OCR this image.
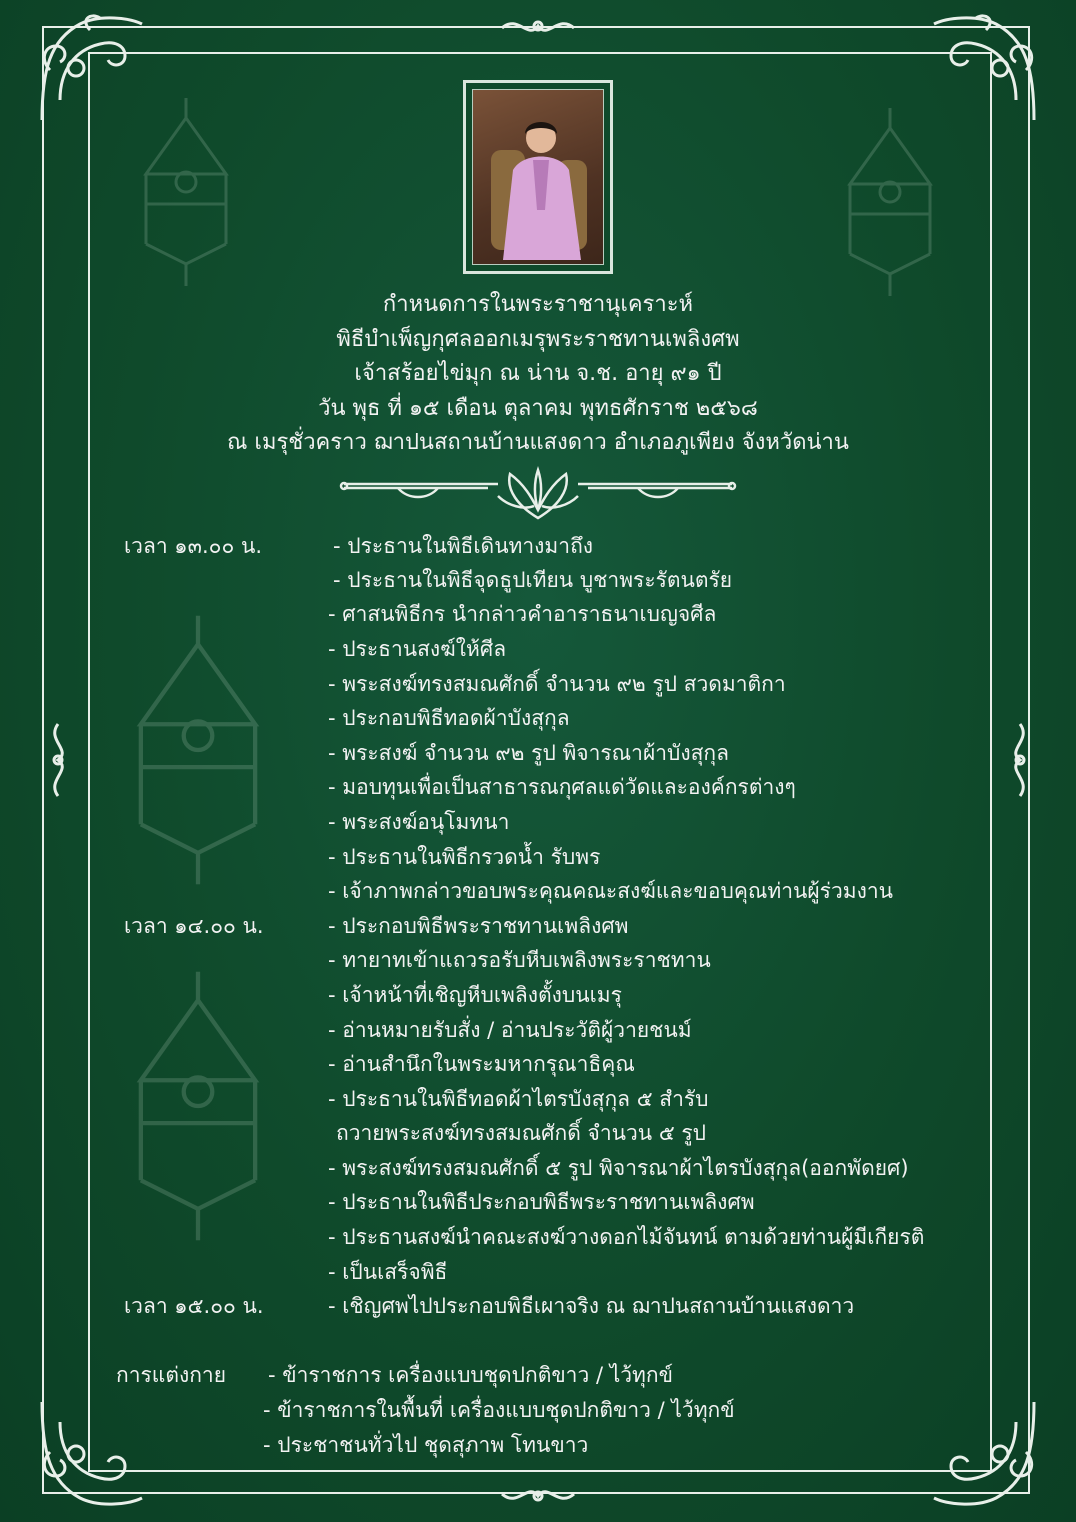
กำหนดการในพระราชานุเคราะห์
พิธีบำเพ็ญกุศลออกเมรุพระราชทานเพลิงศพ
เจ้าสร้อยไข่มุก ณ น่าน จ.ช. อายุ ๙๑ ปี
วัน พุธ ที่ ๑๕ เดือน ตุลาคม พุทธศักราช ๒๕๖๘
ณ เมรุชั่วคราว ฌาปนสถานบ้านแสงดาว อำเภอภูเพียง จังหวัดน่าน
เวลา ๑๓.๐๐ น.	- ประธานในพิธีเดินทางมาถึง
- ประธานในพิธีจุดธูปเทียน บูชาพระรัตนตรัย
- ศาสนพิธีกร นำกล่าวคำอาราธนาเบญจศีล
- ประธานสงฆ์ให้ศีล
- พระสงฆ์ทรงสมณศักดิ์ จำนวน ๙๒ รูป สวดมาติกา
- ประกอบพิธีทอดผ้าบังสุกุล
- พระสงฆ์ จำนวน ๙๒ รูป พิจารณาผ้าบังสุกุล
- มอบทุนเพื่อเป็นสาธารณกุศลแด่วัดและองค์กรต่างๆ
- พระสงฆ์อนุโมทนา
- ประธานในพิธีกรวดน้ำ รับพร
- เจ้าภาพกล่าวขอบพระคุณคณะสงฆ์และขอบคุณท่านผู้ร่วมงาน
เวลา ๑๔.๐๐ น.	- ประกอบพิธีพระราชทานเพลิงศพ
- ทายาทเข้าแถวรอรับหีบเพลิงพระราชทาน
- เจ้าหน้าที่เชิญหีบเพลิงตั้งบนเมรุ
- อ่านหมายรับสั่ง / อ่านประวัติผู้วายชนม์
- อ่านสำนึกในพระมหากรุณาธิคุณ
- ประธานในพิธีทอดผ้าไตรบังสุกุล ๕ สำรับ
ถวายพระสงฆ์ทรงสมณศักดิ์ จำนวน ๕ รูป
- พระสงฆ์ทรงสมณศักดิ์ ๕ รูป พิจารณาผ้าไตรบังสุกุล(ออกพัดยศ)
- ประธานในพิธีประกอบพิธีพระราชทานเพลิงศพ
- ประธานสงฆ์นำคณะสงฆ์วางดอกไม้จันทน์ ตามด้วยท่านผู้มีเกียรติ
- เป็นเสร็จพิธี
เวลา ๑๕.๐๐ น.	- เชิญศพไปประกอบพิธีเผาจริง ณ ฌาปนสถานบ้านแสงดาว
การแต่งกาย - ข้าราชการ เครื่องแบบชุดปกติขาว / ไว้ทุกข์
- ข้าราชการในพื้นที่ เครื่องแบบชุดปกติขาว / ไว้ทุกข์
- ประชาชนทั่วไป ชุดสุภาพ โทนขาว
